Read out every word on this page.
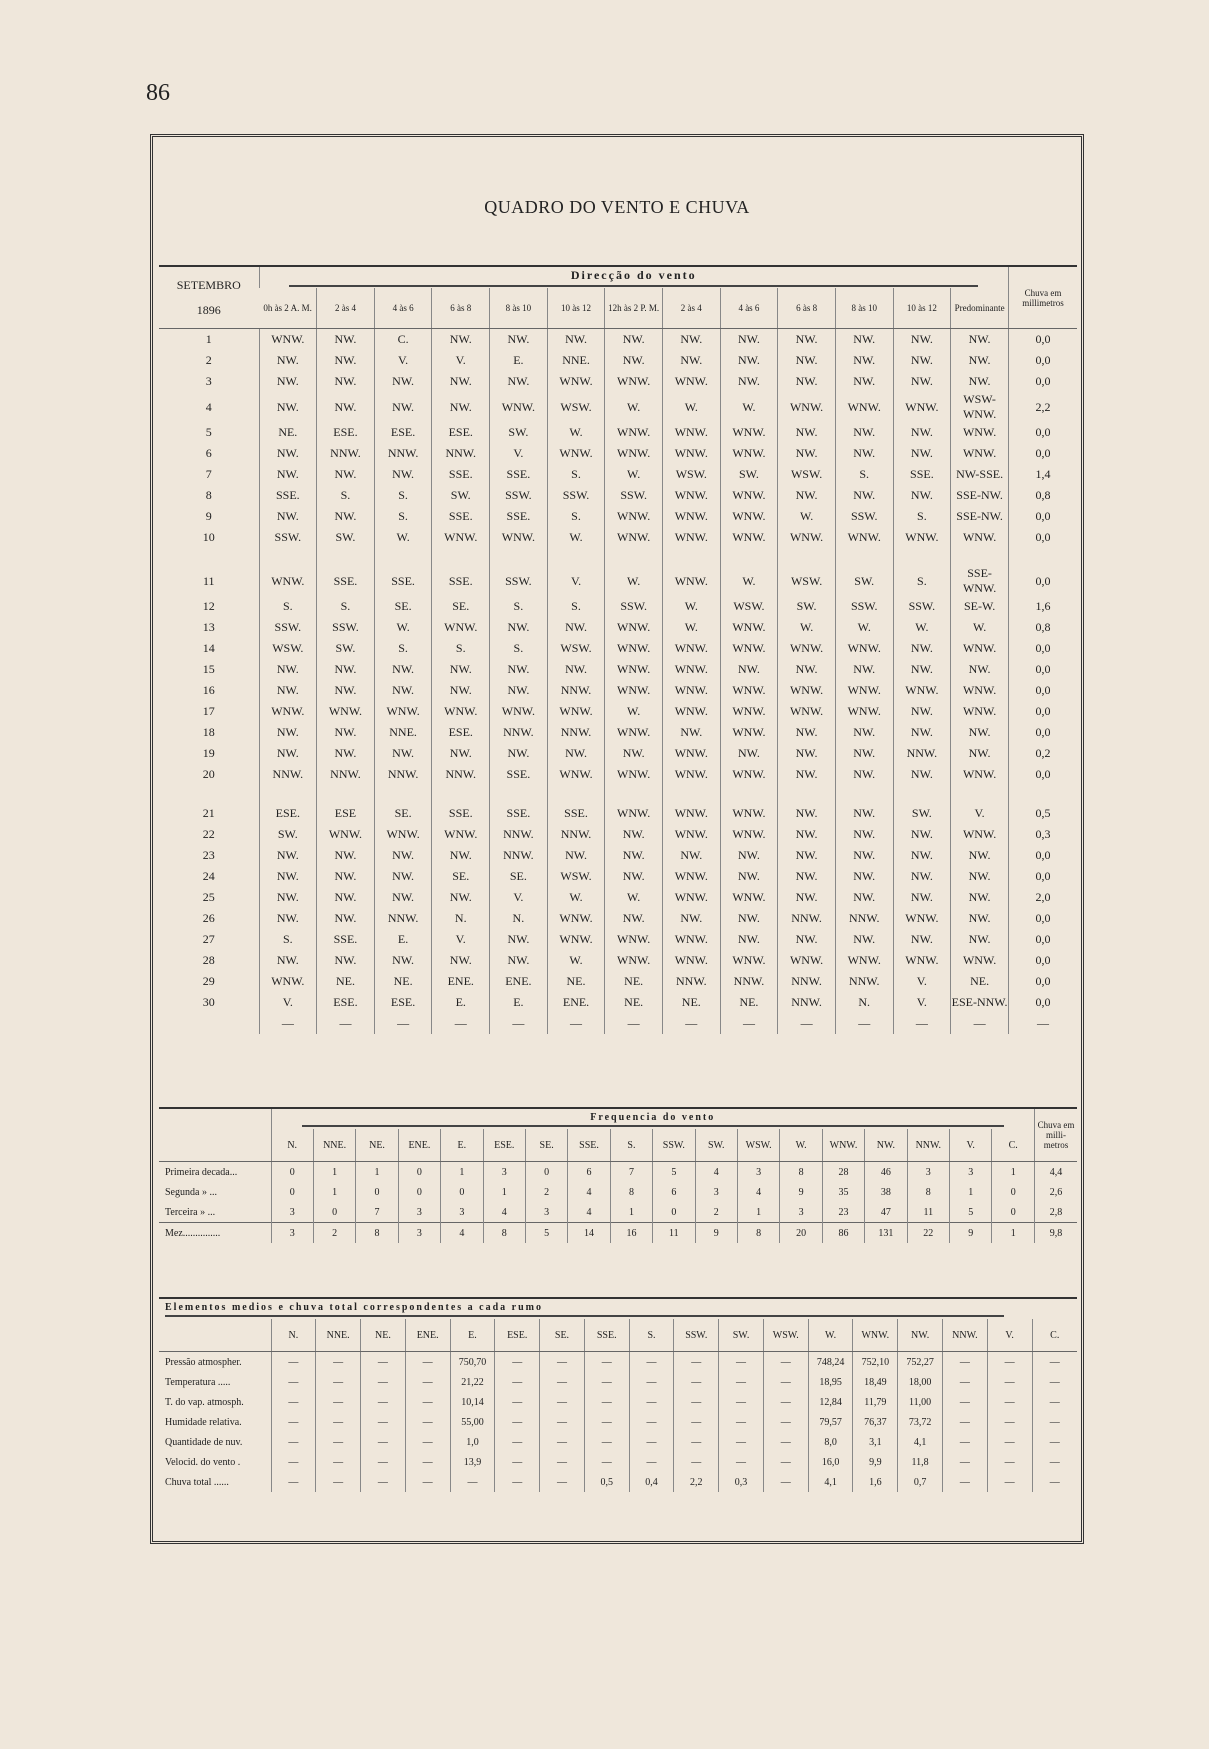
86
QUADRO DO VENTO E CHUVA
SETEMBRO
1896	Direcção do vento													Chuva em millimetros
	0h às 2 A. M.	2 às 4	4 às 6	6 às 8	8 às 10	10 às 12	12h às 2 P. M.	2 às 4	4 às 6	6 às 8	8 às 10	10 às 12	Predominante	
1	WNW.	NW.	C.	NW.	NW.	NW.	NW.	NW.	NW.	NW.	NW.	NW.	NW.	0,0
2	NW.	NW.	V.	V.	E.	NNE.	NW.	NW.	NW.	NW.	NW.	NW.	NW.	0,0
3	NW.	NW.	NW.	NW.	NW.	WNW.	WNW.	WNW.	NW.	NW.	NW.	NW.	NW.	0,0
4	NW.	NW.	NW.	NW.	WNW.	WSW.	W.	W.	W.	WNW.	WNW.	WNW.	WSW-WNW.	2,2
5	NE.	ESE.	ESE.	ESE.	SW.	W.	WNW.	WNW.	WNW.	NW.	NW.	NW.	WNW.	0,0
6	NW.	NNW.	NNW.	NNW.	V.	WNW.	WNW.	WNW.	WNW.	NW.	NW.	NW.	WNW.	0,0
7	NW.	NW.	NW.	SSE.	SSE.	S.	W.	WSW.	SW.	WSW.	S.	SSE.	NW-SSE.	1,4
8	SSE.	S.	S.	SW.	SSW.	SSW.	SSW.	WNW.	WNW.	NW.	NW.	NW.	SSE-NW.	0,8
9	NW.	NW.	S.	SSE.	SSE.	S.	WNW.	WNW.	WNW.	W.	SSW.	S.	SSE-NW.	0,0
10	SSW.	SW.	W.	WNW.	WNW.	W.	WNW.	WNW.	WNW.	WNW.	WNW.	WNW.	WNW.	0,0

11	WNW.	SSE.	SSE.	SSE.	SSW.	V.	W.	WNW.	W.	WSW.	SW.	S.	SSE-WNW.	0,0
12	S.	S.	SE.	SE.	S.	S.	SSW.	W.	WSW.	SW.	SSW.	SSW.	SE-W.	1,6
13	SSW.	SSW.	W.	WNW.	NW.	NW.	WNW.	W.	WNW.	W.	W.	W.	W.	0,8
14	WSW.	SW.	S.	S.	S.	WSW.	WNW.	WNW.	WNW.	WNW.	WNW.	NW.	WNW.	0,0
15	NW.	NW.	NW.	NW.	NW.	NW.	WNW.	WNW.	NW.	NW.	NW.	NW.	NW.	0,0
16	NW.	NW.	NW.	NW.	NW.	NNW.	WNW.	WNW.	WNW.	WNW.	WNW.	WNW.	WNW.	0,0
17	WNW.	WNW.	WNW.	WNW.	WNW.	WNW.	W.	WNW.	WNW.	WNW.	WNW.	NW.	WNW.	0,0
18	NW.	NW.	NNE.	ESE.	NNW.	NNW.	WNW.	NW.	WNW.	NW.	NW.	NW.	NW.	0,0
19	NW.	NW.	NW.	NW.	NW.	NW.	NW.	WNW.	NW.	NW.	NW.	NNW.	NW.	0,2
20	NNW.	NNW.	NNW.	NNW.	SSE.	WNW.	WNW.	WNW.	WNW.	NW.	NW.	NW.	WNW.	0,0

21	ESE.	ESE	SE.	SSE.	SSE.	SSE.	WNW.	WNW.	WNW.	NW.	NW.	SW.	V.	0,5
22	SW.	WNW.	WNW.	WNW.	NNW.	NNW.	NW.	WNW.	WNW.	NW.	NW.	NW.	WNW.	0,3
23	NW.	NW.	NW.	NW.	NNW.	NW.	NW.	NW.	NW.	NW.	NW.	NW.	NW.	0,0
24	NW.	NW.	NW.	SE.	SE.	WSW.	NW.	WNW.	NW.	NW.	NW.	NW.	NW.	0,0
25	NW.	NW.	NW.	NW.	V.	W.	W.	WNW.	WNW.	NW.	NW.	NW.	NW.	2,0
26	NW.	NW.	NNW.	N.	N.	WNW.	NW.	NW.	NW.	NNW.	NNW.	WNW.	NW.	0,0
27	S.	SSE.	E.	V.	NW.	WNW.	WNW.	WNW.	NW.	NW.	NW.	NW.	NW.	0,0
28	NW.	NW.	NW.	NW.	NW.	W.	WNW.	WNW.	WNW.	WNW.	WNW.	WNW.	WNW.	0,0
29	WNW.	NE.	NE.	ENE.	ENE.	NE.	NE.	NNW.	NNW.	NNW.	NNW.	V.	NE.	0,0
30	V.	ESE.	ESE.	E.	E.	ENE.	NE.	NE.	NE.	NNW.	N.	V.	ESE-NNW.	0,0
	—	—	—	—	—	—	—	—	—	—	—	—	—	—
	Frequencia do vento																		Chuva em milli-metros
	N.	NNE.	NE.	ENE.	E.	ESE.	SE.	SSE.	S.	SSW.	SW.	WSW.	W.	WNW.	NW.	NNW.	V.	C.	
Primeira decada...	0	1	1	0	1	3	0	6	7	5	4	3	8	28	46	3	3	1	4,4
Segunda » ...	0	1	0	0	0	1	2	4	8	6	3	4	9	35	38	8	1	0	2,6
Terceira » ...	3	0	7	3	3	4	3	4	1	0	2	1	3	23	47	11	5	0	2,8
Mez...............	3	2	8	3	4	8	5	14	16	11	9	8	20	86	131	22	9	1	9,8
Elementos medios e chuva total correspondentes a cada rumo																		
	N.	NNE.	NE.	ENE.	E.	ESE.	SE.	SSE.	S.	SSW.	SW.	WSW.	W.	WNW.	NW.	NNW.	V.	C.
Pressão atmospher.	—	—	—	—	750,70	—	—	—	—	—	—	—	748,24	752,10	752,27	—	—	—
Temperatura .....	—	—	—	—	21,22	—	—	—	—	—	—	—	18,95	18,49	18,00	—	—	—
T. do vap. atmosph.	—	—	—	—	10,14	—	—	—	—	—	—	—	12,84	11,79	11,00	—	—	—
Humidade relativa.	—	—	—	—	55,00	—	—	—	—	—	—	—	79,57	76,37	73,72	—	—	—
Quantidade de nuv.	—	—	—	—	1,0	—	—	—	—	—	—	—	8,0	3,1	4,1	—	—	—
Velocid. do vento .	—	—	—	—	13,9	—	—	—	—	—	—	—	16,0	9,9	11,8	—	—	—
Chuva total ......	—	—	—	—	—	—	—	0,5	0,4	2,2	0,3	—	4,1	1,6	0,7	—	—	—
